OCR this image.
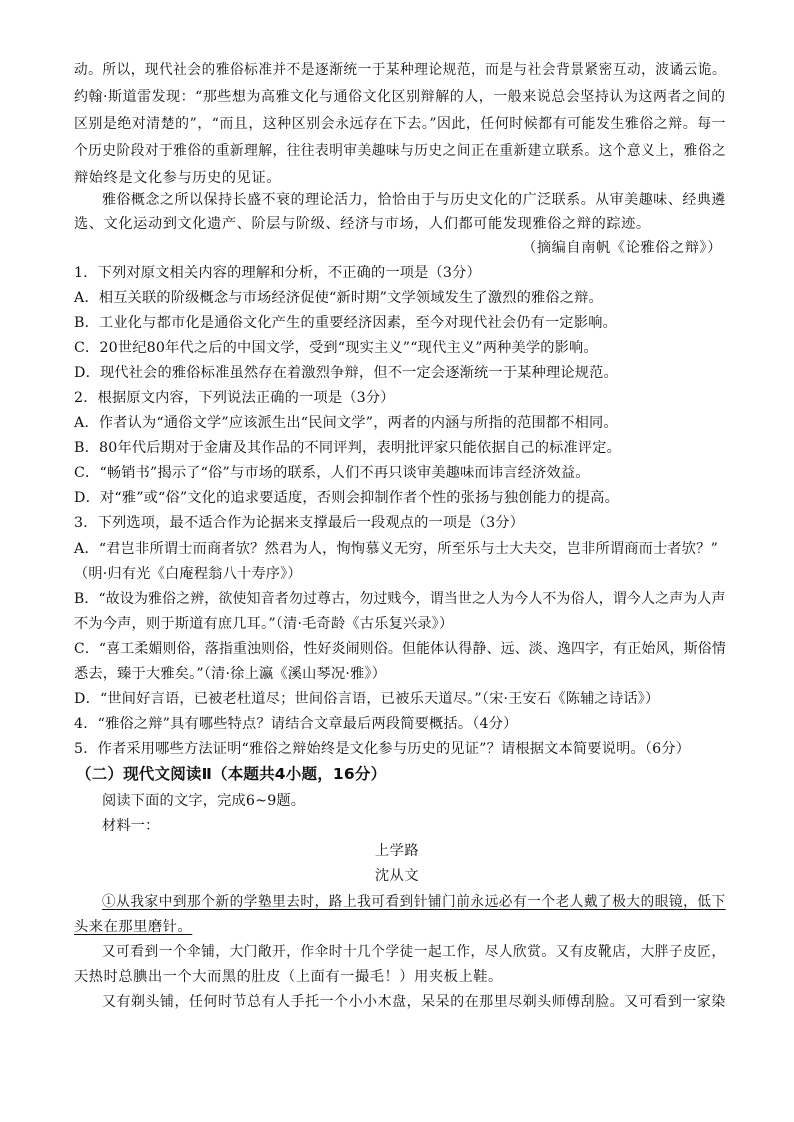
动。所以，现代社会的雅俗标准并不是逐渐统一于某种理论规范，而是与社会背景紧密互动，波谲云诡。
约翰·斯道雷发现：“那些想为高雅文化与通俗文化区别辩解的人，一般来说总会坚持认为这两者之间的
区别是绝对清楚的”，“而且，这种区别会永远存在下去。”因此，任何时候都有可能发生雅俗之辩。每一
个历史阶段对于雅俗的重新理解，往往表明审美趣味与历史之间正在重新建立联系。这个意义上，雅俗之
辩始终是文化参与历史的见证。
雅俗概念之所以保持长盛不衰的理论活力，恰恰由于与历史文化的广泛联系。从审美趣味、经典遴
选、文化运动到文化遗产、阶层与阶级、经济与市场，人们都可能发现雅俗之辩的踪迹。
（摘编自南帆《论雅俗之辩》）
1．下列对原文相关内容的理解和分析，不正确的一项是（3分）
A．相互关联的阶级概念与市场经济促使“新时期”文学领域发生了激烈的雅俗之辩。
B．工业化与都市化是通俗文化产生的重要经济因素，至今对现代社会仍有一定影响。
C．20世纪80年代之后的中国文学，受到“现实主义”“现代主义”两种美学的影响。
D．现代社会的雅俗标准虽然存在着激烈争辩，但不一定会逐渐统一于某种理论规范。
2．根据原文内容，下列说法正确的一项是（3分）
A．作者认为“通俗文学”应该派生出“民间文学”，两者的内涵与所指的范围都不相同。
B．80年代后期对于金庸及其作品的不同评判，表明批评家只能依据自己的标准评定。
C．“畅销书”揭示了“俗”与市场的联系，人们不再只谈审美趣味而讳言经济效益。
D．对“雅”或“俗”文化的追求要适度，否则会抑制作者个性的张扬与独创能力的提高。
3．下列选项，最不适合作为论据来支撑最后一段观点的一项是（3分）
A．“君岂非所谓士而商者欤？然君为人，恂恂慕义无穷，所至乐与士大夫交，岂非所谓商而士者欤？”
（明·归有光《白庵程翁八十寿序》）
B．“故设为雅俗之辨，欲使知音者勿过尊古，勿过贱今，谓当世之人为今人不为俗人，谓今人之声为人声
不为今声，则于斯道有庶几耳。”（清·毛奇龄《古乐复兴录》）
C．“喜工柔媚则俗，落指重浊则俗，性好炎闹则俗。但能体认得静、远、淡、逸四字，有正始风，斯俗情
悉去，臻于大雅矣。”（清·徐上瀛《溪山琴况·雅》）
D．“世间好言语，已被老杜道尽；世间俗言语，已被乐天道尽。”（宋·王安石《陈辅之诗话》）
4．“雅俗之辩”具有哪些特点？请结合文章最后两段简要概括。（4分）
5．作者采用哪些方法证明“雅俗之辩始终是文化参与历史的见证”？请根据文本简要说明。（6分）
（二）现代文阅读Ⅱ（本题共4小题，16分）
阅读下面的文字，完成6~9题。
材料一：
上学路
沈从文
①从我家中到那个新的学塾里去时，路上我可看到针铺门前永远必有一个老人戴了极大的眼镜，低下
头来在那里磨针。
又可看到一个伞铺，大门敞开，作伞时十几个学徒一起工作，尽人欣赏。又有皮靴店，大胖子皮匠，
天热时总腆出一个大而黑的肚皮（上面有一撮毛！）用夹板上鞋。
又有剃头铺，任何时节总有人手托一个小小木盘，呆呆的在那里尽剃头师傅刮脸。又可看到一家染
